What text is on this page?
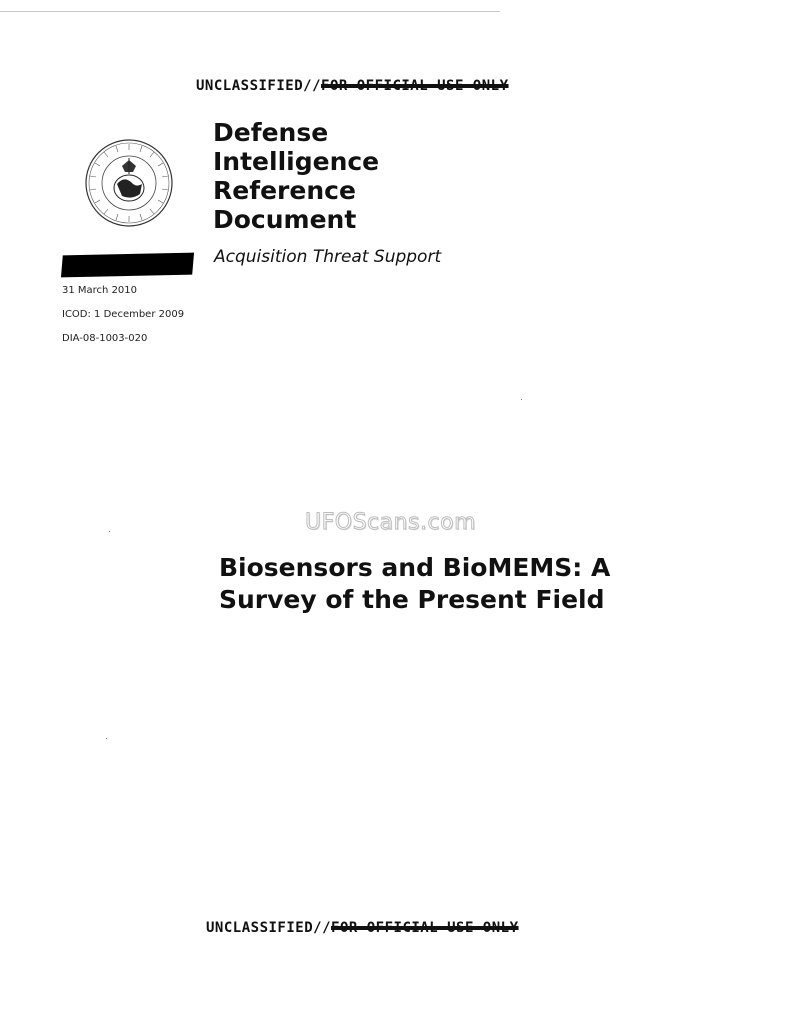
UNCLASSIFIED//FOR OFFICIAL USE ONLY
Defense
Intelligence
Reference
Document
Acquisition Threat Support
31 March 2010
ICOD: 1 December 2009
DIA-08-1003-020
UFOScans.com
Biosensors and BioMEMS: A
Survey of the Present Field
UNCLASSIFIED//FOR OFFICIAL USE ONLY
